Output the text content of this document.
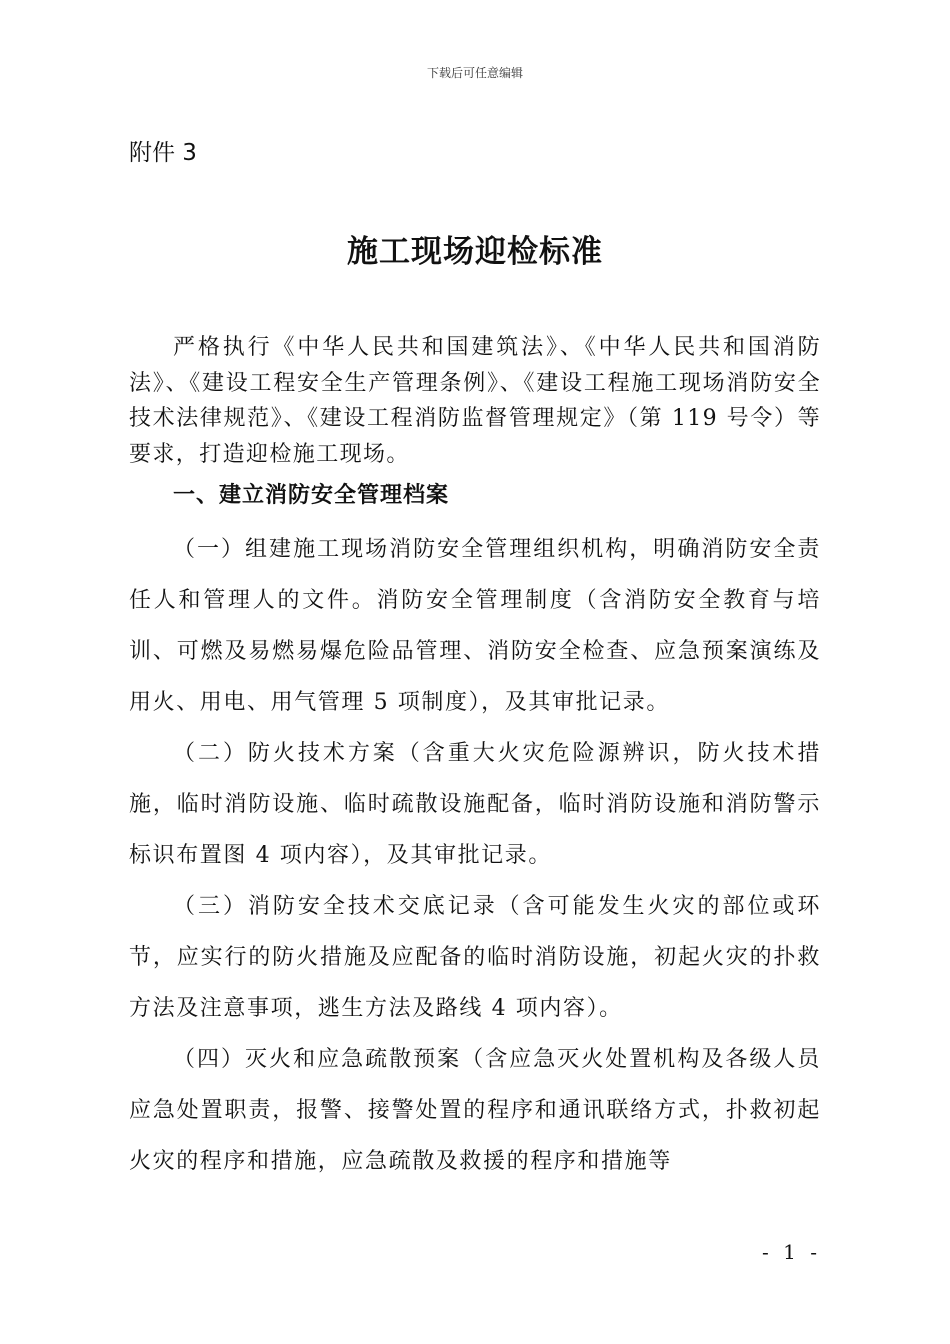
下载后可任意编辑
附件 3
施工现场迎检标准

严格执行《中华人民共和国建筑法》、《中华人民共和国消防法》、《建设工程安全生产管理条例》、《建设工程施工现场消防安全技术法律规范》、《建设工程消防监督管理规定》（第 119 号令）等要求，打造迎检施工现场。

一、建立消防安全管理档案

（一）组建施工现场消防安全管理组织机构，明确消防安全责任人和管理人的文件。消防安全管理制度（含消防安全教育与培训、可燃及易燃易爆危险品管理、消防安全检查、应急预案演练及用火、用电、用气管理 5 项制度），及其审批记录。

（二）防火技术方案（含重大火灾危险源辨识，防火技术措施，临时消防设施、临时疏散设施配备，临时消防设施和消防警示标识布置图 4 项内容），及其审批记录。

（三）消防安全技术交底记录（含可能发生火灾的部位或环节，应实行的防火措施及应配备的临时消防设施，初起火灾的扑救方法及注意事项，逃生方法及路线 4 项内容）。

（四）灭火和应急疏散预案（含应急灭火处置机构及各级人员应急处置职责，报警、接警处置的程序和通讯联络方式，扑救初起火灾的程序和措施，应急疏散及救援的程序和措施等

- 1 -
